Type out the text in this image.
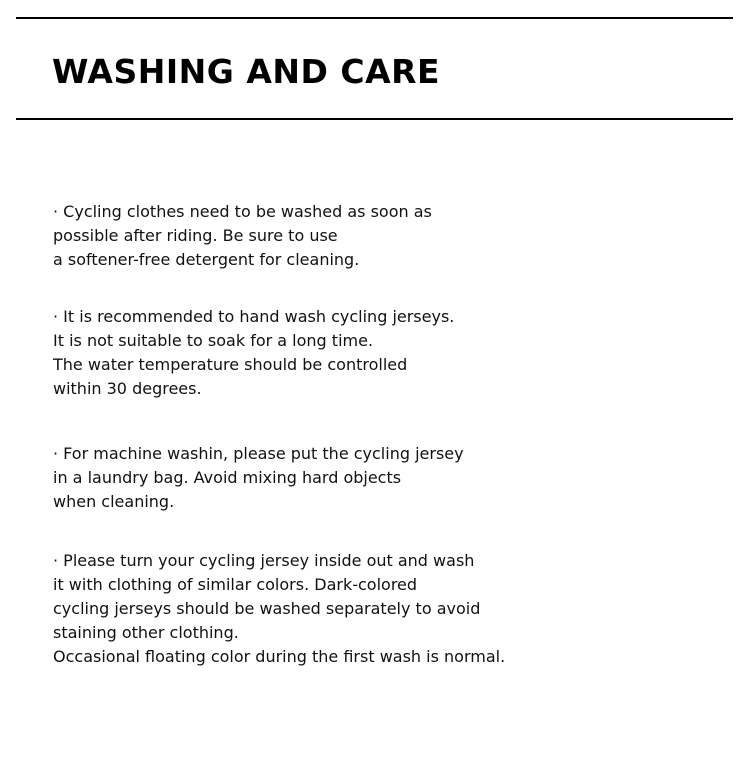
WASHING AND CARE
· Cycling clothes need to be washed as soon as
possible after riding. Be sure to use
a softener-free detergent for cleaning.
· It is recommended to hand wash cycling jerseys.
It is not suitable to soak for a long time.
The water temperature should be controlled
within 30 degrees.
· For machine washin, please put the cycling jersey
in a laundry bag. Avoid mixing hard objects
when cleaning.
· Please turn your cycling jersey inside out and wash
it with clothing of similar colors. Dark-colored
cycling jerseys should be washed separately to avoid
staining other clothing.
Occasional floating color during the first wash is normal.
